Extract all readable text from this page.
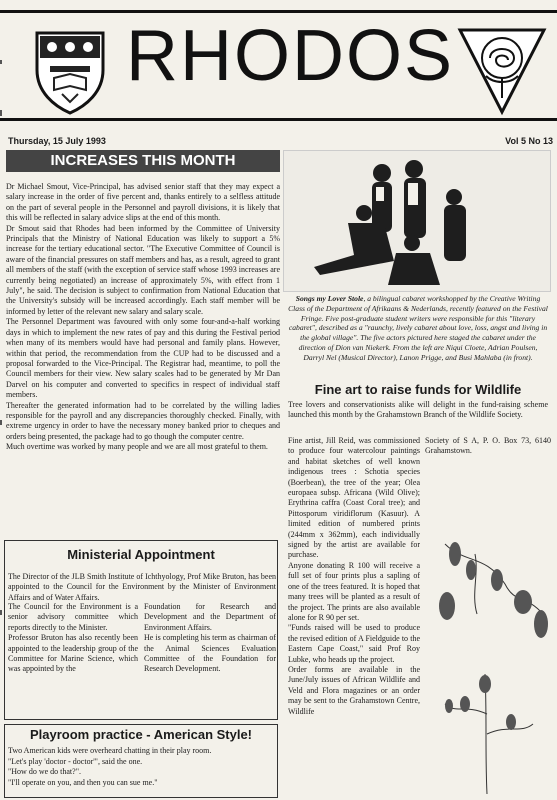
RHODOS
Thursday, 15 July 1993	Vol 5 No 13
INCREASES THIS MONTH

Dr Michael Smout, Vice-Principal, has advised senior staff that they may expect a salary increase in the order of five percent and, thanks entirely to a selfless attitude on the part of several people in the Personnel and payroll divisions, it is likely that this will be reflected in salary advice slips at the end of this month.

Dr Smout said that Rhodes had been informed by the Committee of University Principals that the Ministry of National Education was likely to support a 5% increase for the tertiary educational sector. "The Executive Committee of Council is aware of the financial pressures on staff members and has, as a result, agreed to grant all members of the staff (with the exception of service staff whose 1993 increases are currently being negotiated) an increase of approximately 5%, with effect from 1 July", he said. The decision is subject to confirmation from National Education that the University's subsidy will be increased accordingly. Each staff member will be informed by letter of the relevant new salary and salary scale.

The Personnel Department was favoured with only some four-and-a-half working days in which to implement the new rates of pay and this during the Festival period when many of its members would have had personal and family plans. However, within that period, the recommendation from the CUP had to be discussed and a proposal forwarded to the Vice-Principal. The Registrar had, meantime, to poll the Council members for their view. New salary scales had to be generated by Mr Dan Darvel on his computer and converted to specifics in respect of individual staff members.

Thereafter the generated information had to be correlated by the willing ladies responsible for the payroll and any discrepancies thoroughly checked. Finally, with extreme urgency in order to have the necessary money banked prior to cheques and orders being presented, the package had to go though the computer centre.

Much overtime was worked by many people and we are all most grateful to them.

Songs my Lover Stole, a bilingual cabaret workshopped by the Creative Writing Class of the Department of Afrikaans & Nederlands, recently featured on the Festival Fringe. Five post-graduate student writers were responsible for this "literary cabaret", described as a "raunchy, lively cabaret about love, loss, angst and living in the global village". The five actors pictured here staged the cabaret under the direction of Dion van Niekerk. From the left are Niqui Cloete, Adrian Poulsen, Darryl Nel (Musical Director), Lanon Prigge, and Busi Mahlaba (in front).
Fine art to raise funds for Wildlife
Tree lovers and conservationists alike will delight in the fund-raising scheme launched this month by the Grahamstown Branch of the Wildlife Society.

Fine artist, Jill Reid, was commissioned to produce four watercolour paintings and habitat sketches of well known indigenous trees : Schotia species (Boerbean), the tree of the year; Olea europaea subsp. Africana (Wild Olive); Erythrina caffra (Coast Coral tree); and Pittosporum viridiflorum (Kasuur). A limited edition of numbered prints (244mm x 362mm), each individually signed by the artist are available for purchase.

Anyone donating R 100 will receive a full set of four prints plus a sapling of one of the trees featured. It is hoped that many trees will be planted as a result of the project. The prints are also available alone for R 90 per set.

"Funds raised will be used to produce the revised edition of A Fieldguide to the Eastern Cape Coast," said Prof Roy Lubke, who heads up the project.

Order forms are available in the June/July issues of African Wildlife and Veld and Flora magazines or an order may be sent to the Grahamstown Centre, Wildlife

Society of S A, P. O. Box 73, 6140 Grahamstown.
Ministerial Appointment
The Director of the JLB Smith Institute of Ichthyology, Prof Mike Bruton, has been appointed to the Council for the Environment by the Minister of Environment Affairs and of Water Affairs.

The Council for the Environment is a senior advisory committee which reports directly to the Minister.

Professor Bruton has also recently been appointed to the leadership group of the Committee for Marine Science, which was appointed by the

Foundation for Research and Development and the Department of Environment Affairs.

He is completing his term as chairman of the Animal Sciences Evaluation Committee of the Foundation for Research Development.

Playroom practice - American Style!
Two American kids were overheard chatting in their play room.
"Let's play 'doctor - doctor'", said the one.
"How do we do that?".
"I'll operate on you, and then you can sue me."
